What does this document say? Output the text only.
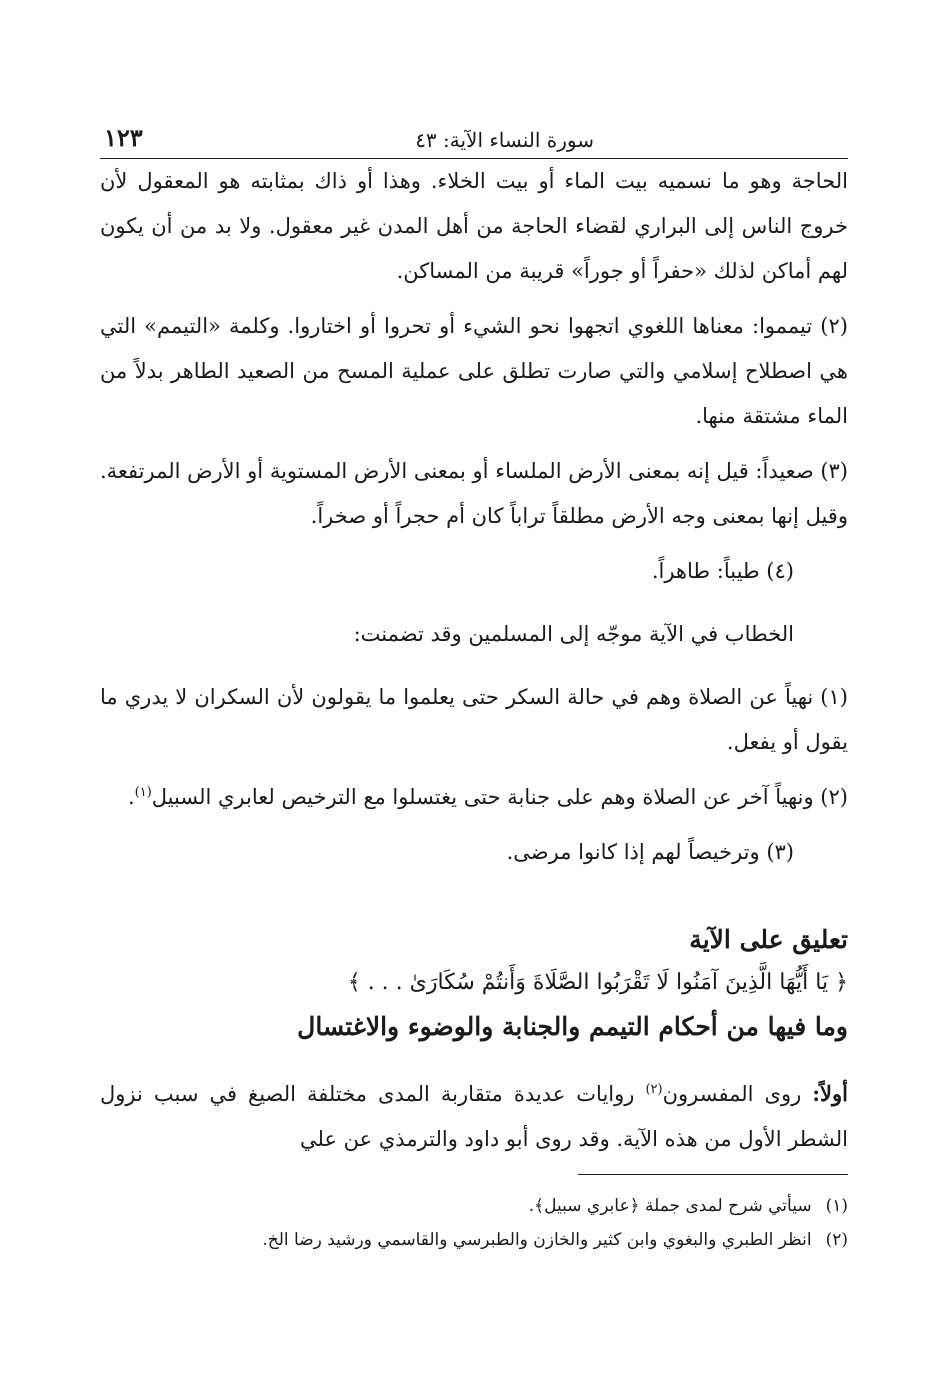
سورة النساء الآية: ٤٣
١٢٣

الحاجة وهو ما نسميه بيت الماء أو بيت الخلاء. وهذا أو ذاك بمثابته هو المعقول لأن خروج الناس إلى البراري لقضاء الحاجة من أهل المدن غير معقول. ولا بد من أن يكون لهم أماكن لذلك «حفراً أو جوراً» قريبة من المساكن.

(٢) تيمموا: معناها اللغوي اتجهوا نحو الشيء أو تحروا أو اختاروا. وكلمة «التيمم» التي هي اصطلاح إسلامي والتي صارت تطلق على عملية المسح من الصعيد الطاهر بدلاً من الماء مشتقة منها.

(٣) صعيداً: قيل إنه بمعنى الأرض الملساء أو بمعنى الأرض المستوية أو الأرض المرتفعة. وقيل إنها بمعنى وجه الأرض مطلقاً تراباً كان أم حجراً أو صخراً.

(٤) طيباً: طاهراً.

الخطاب في الآية موجّه إلى المسلمين وقد تضمنت:

(١) نهياً عن الصلاة وهم في حالة السكر حتى يعلموا ما يقولون لأن السكران لا يدري ما يقول أو يفعل.

(٢) ونهياً آخر عن الصلاة وهم على جنابة حتى يغتسلوا مع الترخيص لعابري السبيل$^{(١)}$.

(٣) وترخيصاً لهم إذا كانوا مرضى.

تعليق على الآية
﴿ يَا أَيُّهَا الَّذِينَ آمَنُوا لَا تَقْرَبُوا الصَّلَاةَ وَأَنتُمْ سُكَارَىٰ . . . ﴾
وما فيها من أحكام التيمم والجنابة والوضوء والاغتسال

أولاً: روى المفسرون$^{(٢)}$ روايات عديدة متقاربة المدى مختلفة الصيغ في سبب نزول الشطر الأول من هذه الآية. وقد روى أبو داود والترمذي عن علي

(١)
سيأتي شرح لمدى جملة ﴿عابري سبيل﴾.
(٢)
انظر الطبري والبغوي وابن كثير والخازن والطبرسي والقاسمي ورشيد رضا الخ.
